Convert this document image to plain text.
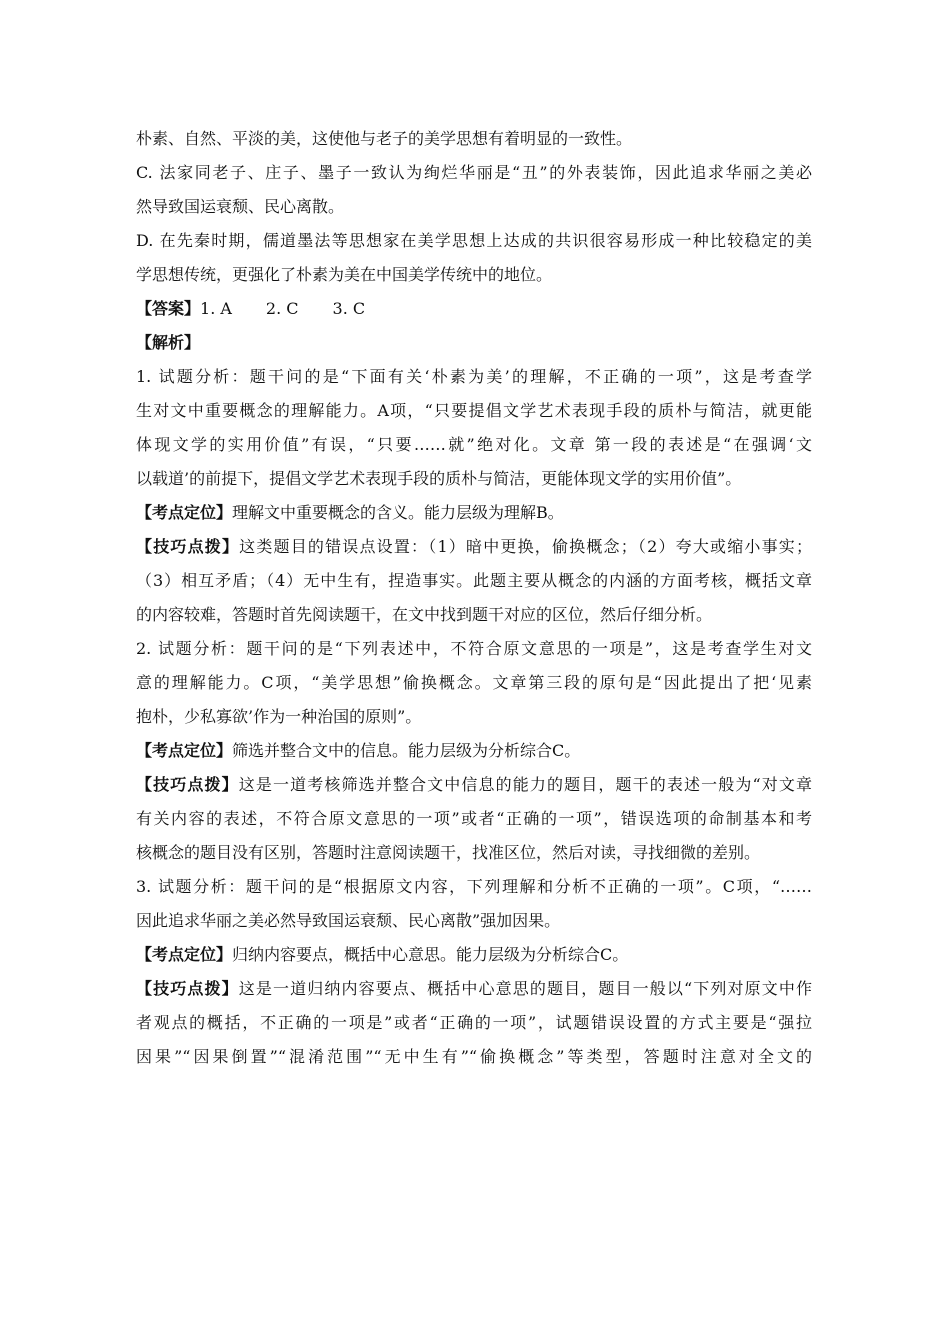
朴素、自然、平淡的美，这使他与老子的美学思想有着明显的一致性。
C. 法家同老子、庄子、墨子一致认为绚烂华丽是“丑”的外表装饰，因此追求华丽之美必
然导致国运衰颓、民心离散。
D. 在先秦时期，儒道墨法等思想家在美学思想上达成的共识很容易形成一种比较稳定的美
学思想传统，更强化了朴素为美在中国美学传统中的地位。
【答案】1. A 2. C 3. C
【解析】
1. 试题分析：题干问的是“下面有关‘朴素为美’的理解，不正确的一项”，这是考查学
生对文中重要概念的理解能力。A项，“只要提倡文学艺术表现手段的质朴与简洁，就更能
体现文学的实用价值”有误，“只要……就”绝对化。文章 第一段的表述是“在强调‘文
以载道’的前提下，提倡文学艺术表现手段的质朴与简洁，更能体现文学的实用价值”。
【考点定位】理解文中重要概念的含义。能力层级为理解B。
【技巧点拨】这类题目的错误点设置：（1）暗中更换，偷换概念；（2）夸大或缩小事实；
（3）相互矛盾；（4）无中生有，捏造事实。此题主要从概念的内涵的方面考核，概括文章
的内容较难，答题时首先阅读题干，在文中找到题干对应的区位，然后仔细分析。
2. 试题分析：题干问的是“下列表述中，不符合原文意思的一项是”，这是考查学生对文
意的理解能力。C项，“美学思想”偷换概念。文章第三段的原句是“因此提出了把‘见素
抱朴，少私寡欲’作为一种治国的原则”。
【考点定位】筛选并整合文中的信息。能力层级为分析综合C。
【技巧点拨】这是一道考核筛选并整合文中信息的能力的题目，题干的表述一般为“对文章
有关内容的表述，不符合原文意思的一项”或者“正确的一项”，错误选项的命制基本和考
核概念的题目没有区别，答题时注意阅读题干，找准区位，然后对读，寻找细微的差别。
3. 试题分析：题干问的是“根据原文内容，下列理解和分析不正确的一项”。C项，“……
因此追求华丽之美必然导致国运衰颓、民心离散”强加因果。
【考点定位】归纳内容要点，概括中心意思。能力层级为分析综合C。
【技巧点拨】这是一道归纳内容要点、概括中心意思的题目，题目一般以“下列对原文中作
者观点的概括，不正确的一项是”或者“正确的一项”，试题错误设置的方式主要是“强拉
因果”“因果倒置”“混淆范围”“无中生有”“偷换概念”等类型，答题时注意对全文的
